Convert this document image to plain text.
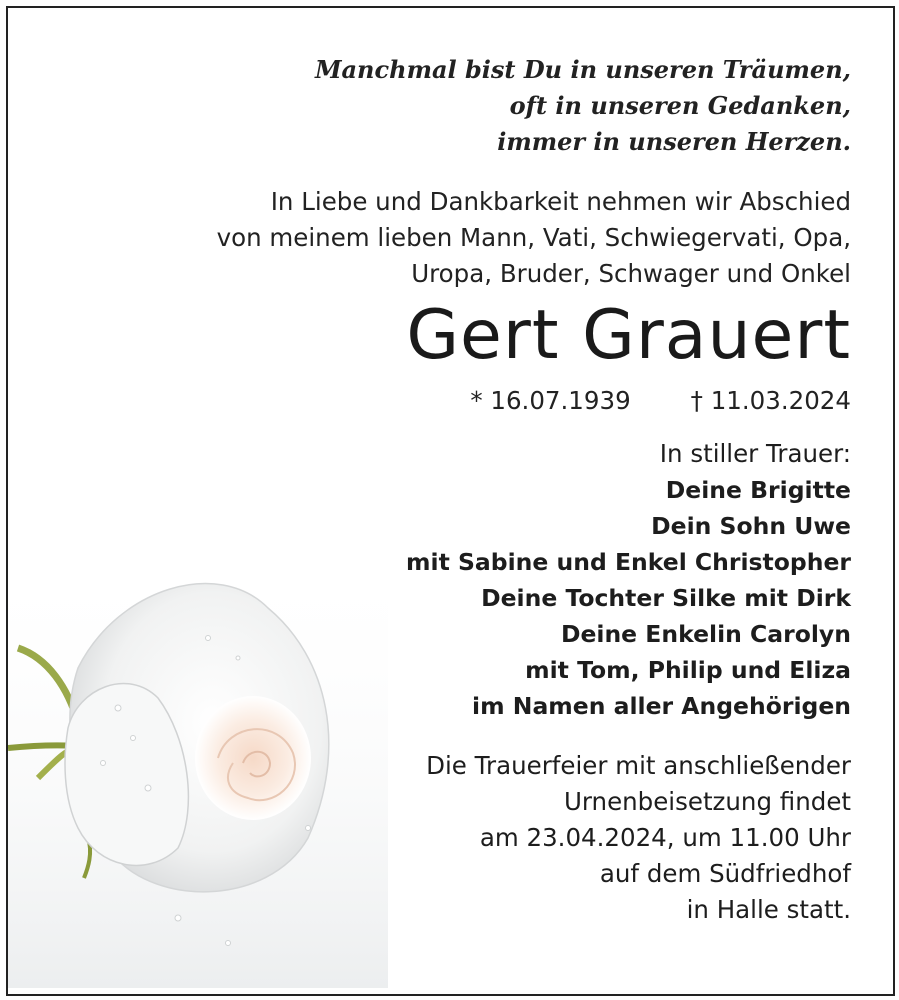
Manchmal bist Du in unseren Träumen,
oft in unseren Gedanken,
immer in unseren Herzen.
In Liebe und Dankbarkeit nehmen wir Abschied
von meinem lieben Mann, Vati, Schwiegervati, Opa,
Uropa, Bruder, Schwager und Onkel
Gert Grauert
* 16.07.1939 † 11.03.2024
In stiller Trauer:
Deine Brigitte
Dein Sohn Uwe
mit Sabine und Enkel Christopher
Deine Tochter Silke mit Dirk
Deine Enkelin Carolyn
mit Tom, Philip und Eliza
im Namen aller Angehörigen
Die Trauerfeier mit anschließender
Urnenbeisetzung findet
am 23.04.2024, um 11.00 Uhr
auf dem Südfriedhof
in Halle statt.
